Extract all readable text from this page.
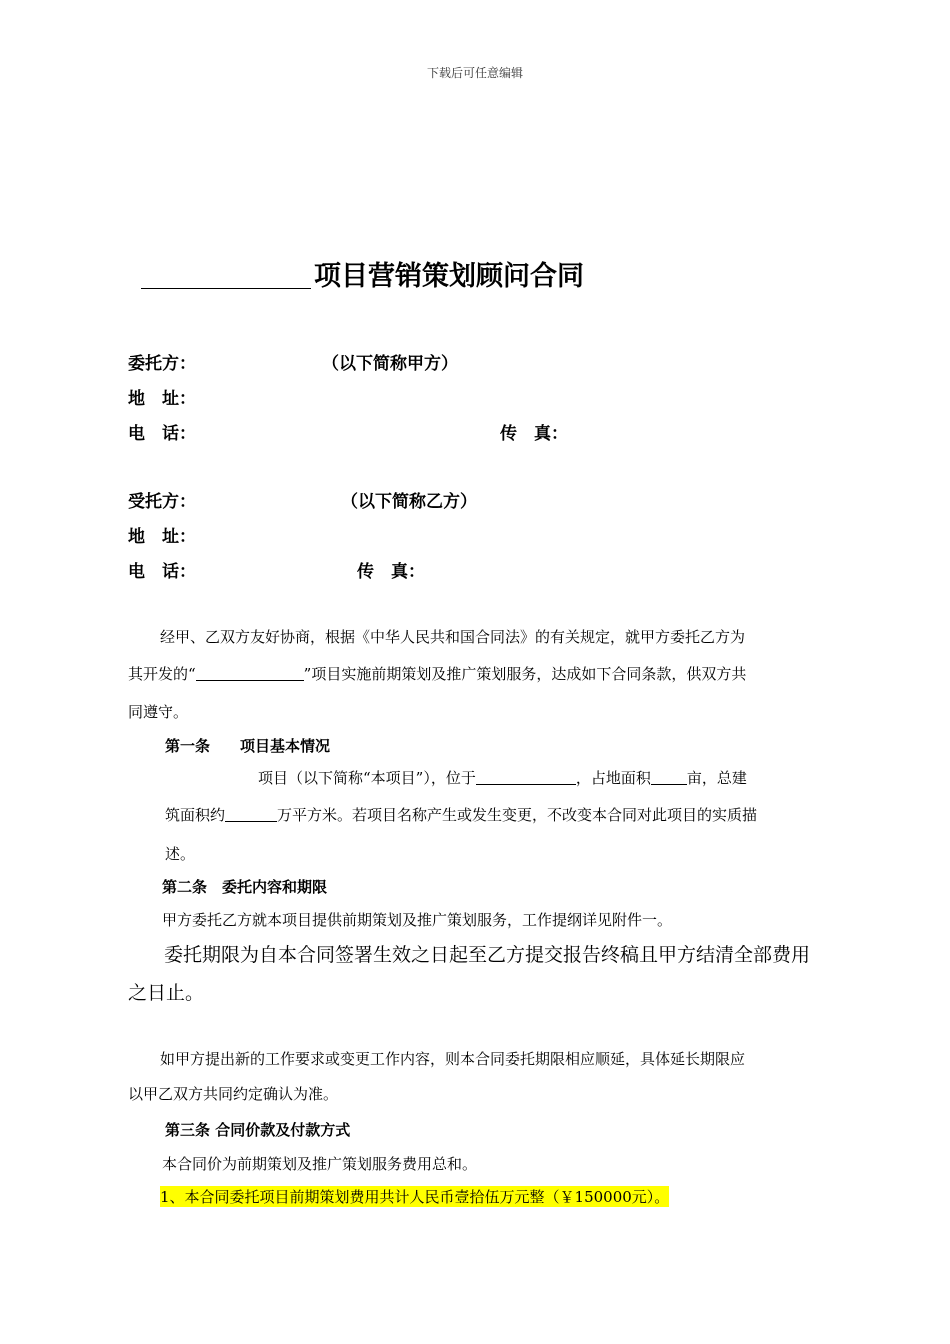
下载后可任意编辑
项目营销策划顾问合同
委托方：	（以下简称甲方）
地　址：
电　话：	传　真：
受托方：	（以下简称乙方）
地　址：
电　话：	传　真：
经甲、乙双方友好协商，根据《中华人民共和国合同法》的有关规定，就甲方委托乙方为
其开发的“	”项目实施前期策划及推广策划服务，达成如下合同条款，供双方共
同遵守。
第一条　　项目基本情况
项目（以下简称“本项目”），位于	，占地面积 亩，总建
筑面积约	万平方米。若项目名称产生或发生变更，不改变本合同对此项目的实质描
述。
第二条　委托内容和期限
甲方委托乙方就本项目提供前期策划及推广策划服务，工作提纲详见附件一。
委托期限为自本合同签署生效之日起至乙方提交报告终稿且甲方结清全部费用
之日止。
如甲方提出新的工作要求或变更工作内容，则本合同委托期限相应顺延，具体延长期限应
以甲乙双方共同约定确认为准。
第三条 合同价款及付款方式
本合同价为前期策划及推广策划服务费用总和。
1、本合同委托项目前期策划费用共计人民币壹拾伍万元整（￥150000元）。
